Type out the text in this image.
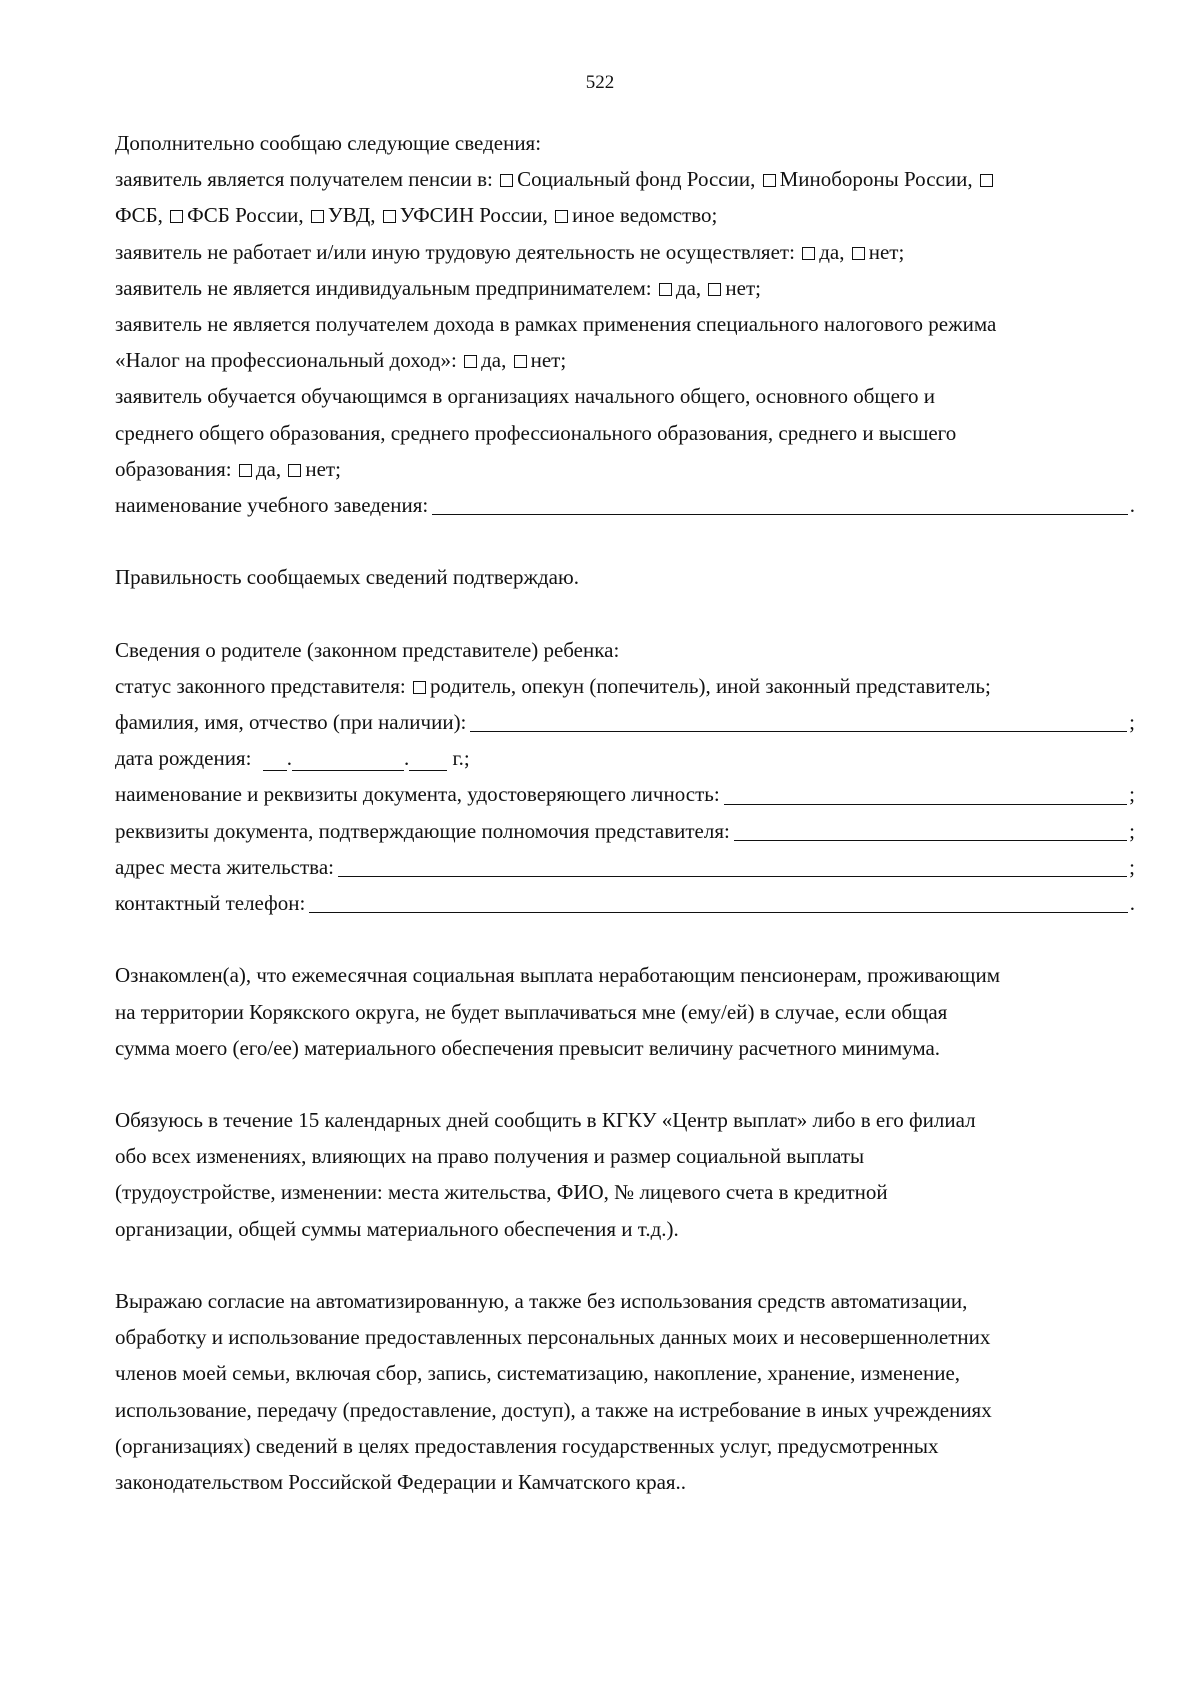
522
Дополнительно сообщаю следующие сведения:
заявитель является получателем пенсии в: Социальный фонд России, Минобороны России,
ФСБ, ФСБ России, УВД, УФСИН России, иное ведомство;
заявитель не работает и/или иную трудовую деятельность не осуществляет: да, нет;
заявитель не является индивидуальным предпринимателем: да, нет;
заявитель не является получателем дохода в рамках применения специального налогового режима
«Налог на профессиональный доход»: да, нет;
заявитель обучается обучающимся в организациях начального общего, основного общего и
среднего общего образования, среднего профессионального образования, среднего и высшего
образования: да, нет;
наименование учебного заведения:	.
Правильность сообщаемых сведений подтверждаю.
Сведения о родителе (законном представителе) ребенка:
статус законного представителя: родитель, опекун (попечитель), иной законный представитель;
фамилия, имя, отчество (при наличии):	;
дата рождения: .	. г.;
наименование и реквизиты документа, удостоверяющего личность:	;
реквизиты документа, подтверждающие полномочия представителя:	;
адрес места жительства:	;
контактный телефон:	.
Ознакомлен(а), что ежемесячная социальная выплата неработающим пенсионерам, проживающим
на территории Корякского округа, не будет выплачиваться мне (ему/ей) в случае, если общая
сумма моего (его/ее) материального обеспечения превысит величину расчетного минимума.
Обязуюсь в течение 15 календарных дней сообщить в КГКУ «Центр выплат» либо в его филиал
обо всех изменениях, влияющих на право получения и размер социальной выплаты
(трудоустройстве, изменении: места жительства, ФИО, № лицевого счета в кредитной
организации, общей суммы материального обеспечения и т.д.).
Выражаю согласие на автоматизированную, а также без использования средств автоматизации,
обработку и использование предоставленных персональных данных моих и несовершеннолетних
членов моей семьи, включая сбор, запись, систематизацию, накопление, хранение, изменение,
использование, передачу (предоставление, доступ), а также на истребование в иных учреждениях
(организациях) сведений в целях предоставления государственных услуг, предусмотренных
законодательством Российской Федерации и Камчатского края..
